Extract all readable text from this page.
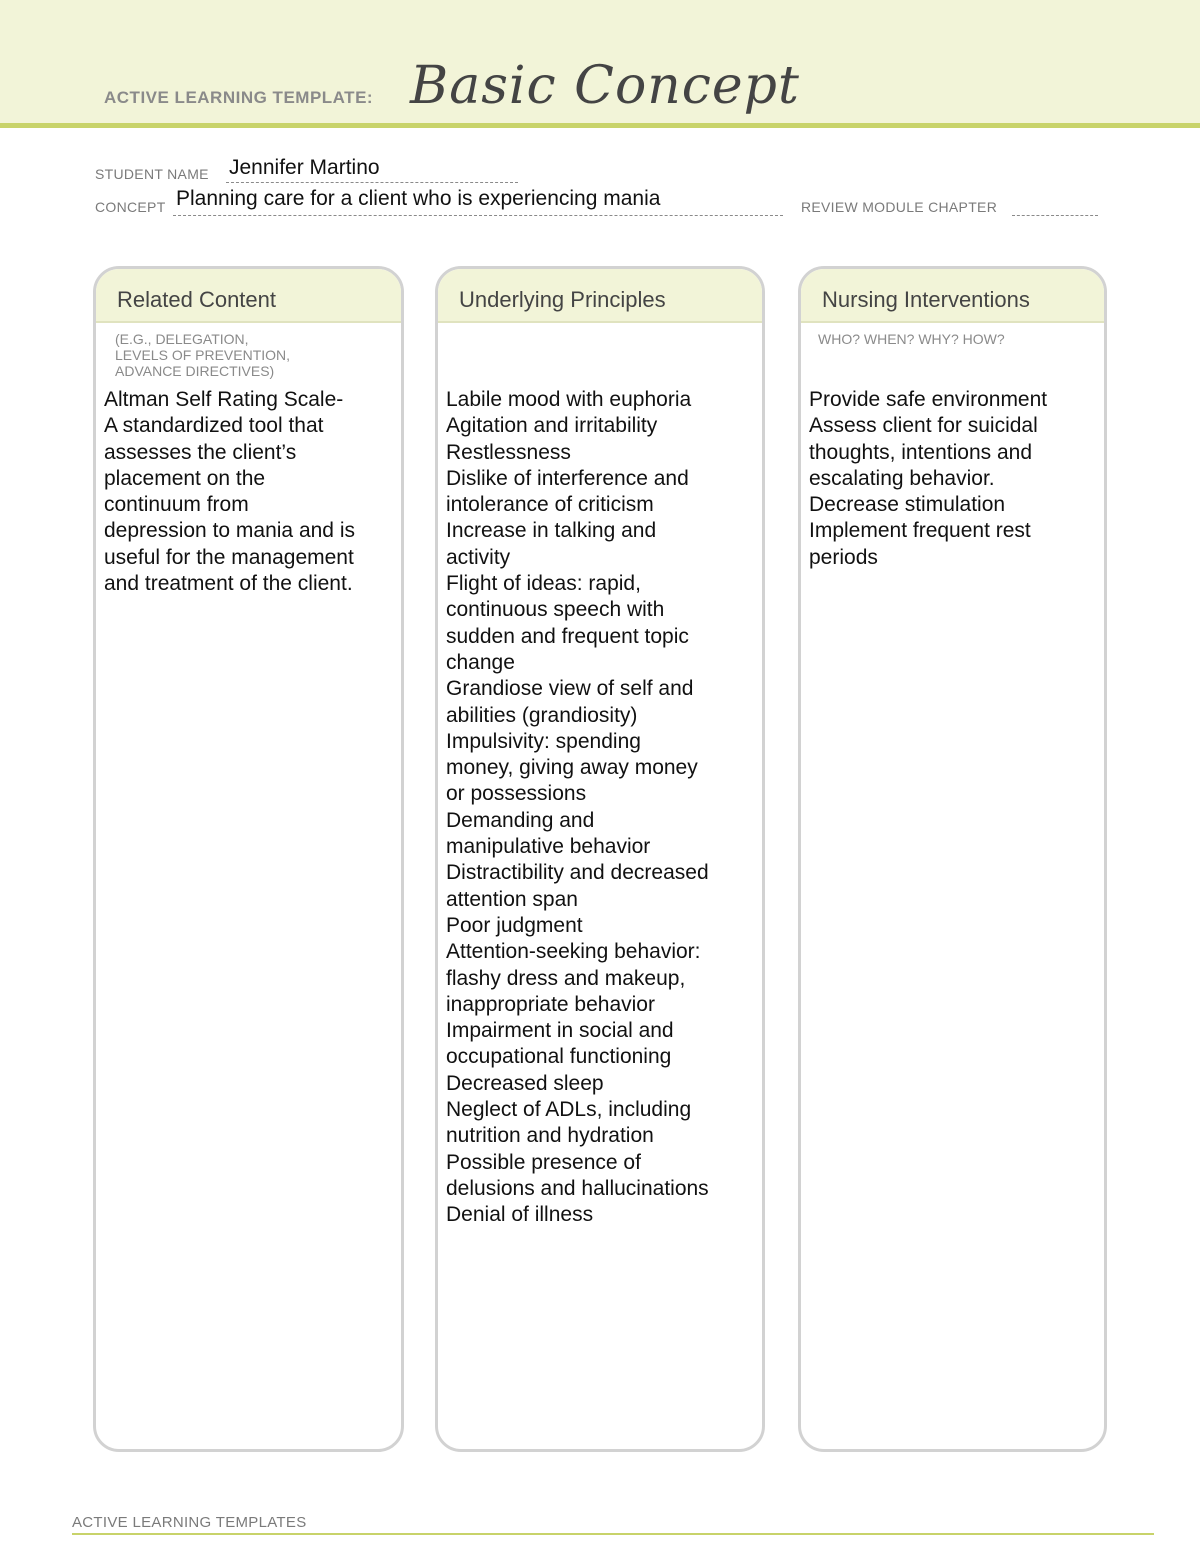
ACTIVE LEARNING TEMPLATE: Basic Concept
STUDENT NAME Jennifer Martino
CONCEPT Planning care for a client who is experiencing mania	REVIEW MODULE CHAPTER
Related Content
(E.G., DELEGATION,
LEVELS OF PREVENTION,
ADVANCE DIRECTIVES)
Altman Self Rating Scale-
A standardized tool that
assesses the client’s
placement on the
continuum from
depression to mania and is
useful for the management
and treatment of the client.
Underlying Principles
Labile mood with euphoria
Agitation and irritability
Restlessness
Dislike of interference and
intolerance of criticism
Increase in talking and
activity
Flight of ideas: rapid,
continuous speech with
sudden and frequent topic
change
Grandiose view of self and
abilities (grandiosity)
Impulsivity: spending
money, giving away money
or possessions
Demanding and
manipulative behavior
Distractibility and decreased
attention span
Poor judgment
Attention-seeking behavior:
flashy dress and makeup,
inappropriate behavior
Impairment in social and
occupational functioning
Decreased sleep
Neglect of ADLs, including
nutrition and hydration
Possible presence of
delusions and hallucinations
Denial of illness
Nursing Interventions
WHO? WHEN? WHY? HOW?
Provide safe environment
Assess client for suicidal
thoughts, intentions and
escalating behavior.
Decrease stimulation
Implement frequent rest
periods
ACTIVE LEARNING TEMPLATES
